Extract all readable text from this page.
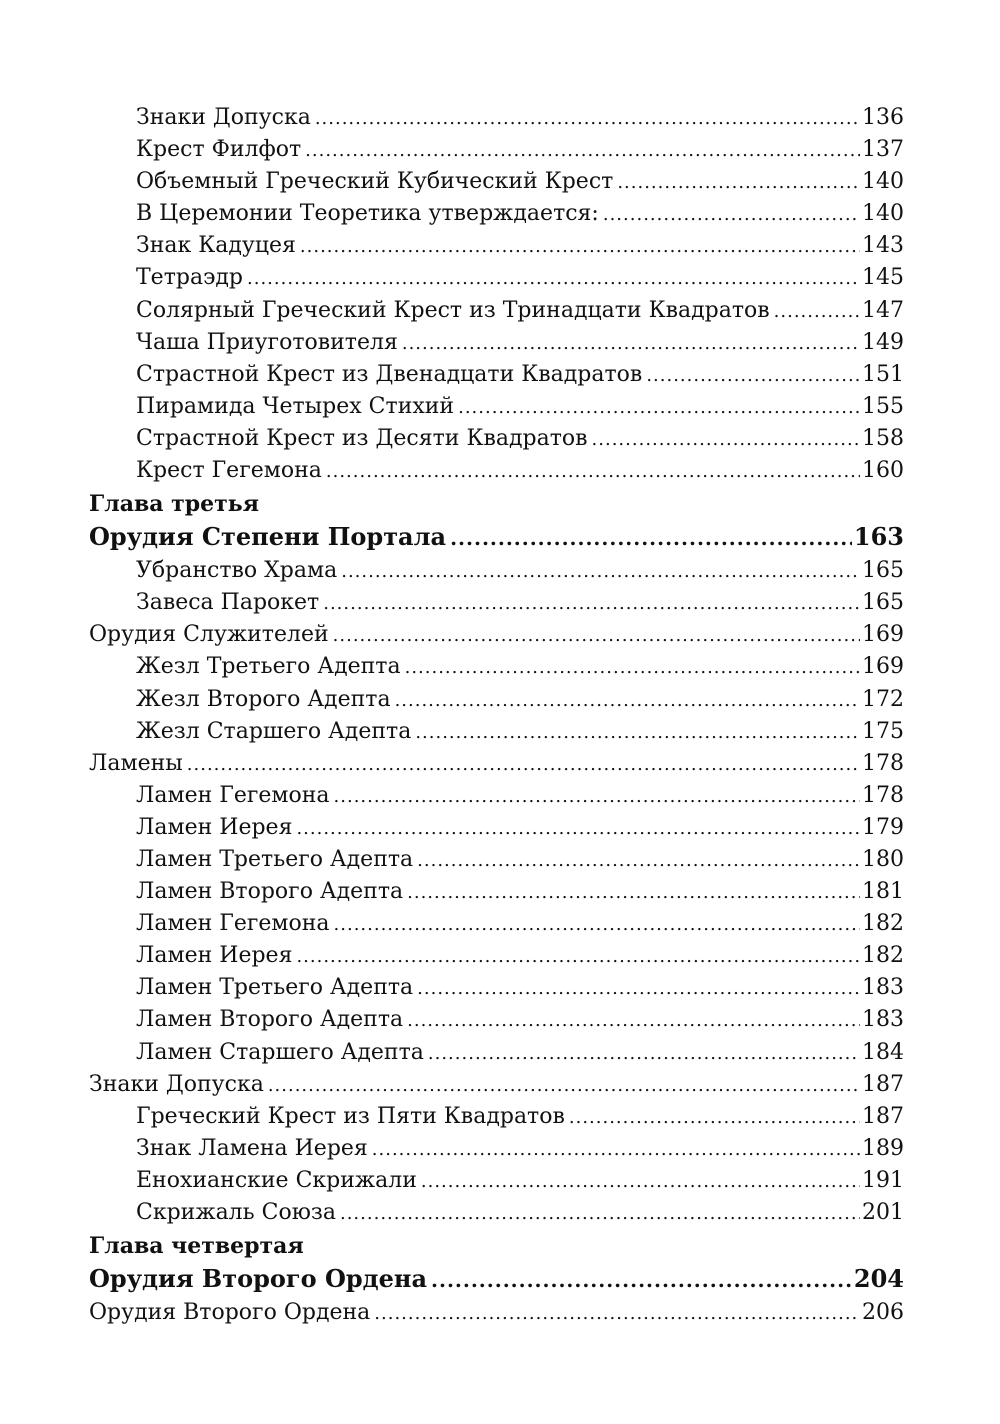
Знаки Допуска .....	136
Крест Филфот .....	137
Объемный Греческий Кубический Крест .....	140
В Церемонии Теоретика утверждается: .....	140
Знак Кадуцея .....	143
Тетраэдр .....	145
Солярный Греческий Крест из Тринадцати Квадратов .....	147
Чаша Приуготовителя .....	149
Страстной Крест из Двенадцати Квадратов .....	151
Пирамида Четырех Стихий .....	155
Страстной Крест из Десяти Квадратов .....	158
Крест Гегемона .....	160
Глава третья
Орудия Степени Портала .....	163
Убранство Храма .....	165
Завеса Парокет .....	165
Орудия Служителей .....	169
Жезл Третьего Адепта .....	169
Жезл Второго Адепта .....	172
Жезл Старшего Адепта .....	175
Ламены .....	178
Ламен Гегемона .....	178
Ламен Иерея .....	179
Ламен Третьего Адепта .....	180
Ламен Второго Адепта .....	181
Ламен Гегемона .....	182
Ламен Иерея .....	182
Ламен Третьего Адепта .....	183
Ламен Второго Адепта .....	183
Ламен Старшего Адепта .....	184
Знаки Допуска .....	187
Греческий Крест из Пяти Квадратов .....	187
Знак Ламена Иерея .....	189
Енохианские Скрижали .....	191
Скрижаль Союза .....	201
Глава четвертая
Орудия Второго Ордена .....	204
Орудия Второго Ордена .....	206
